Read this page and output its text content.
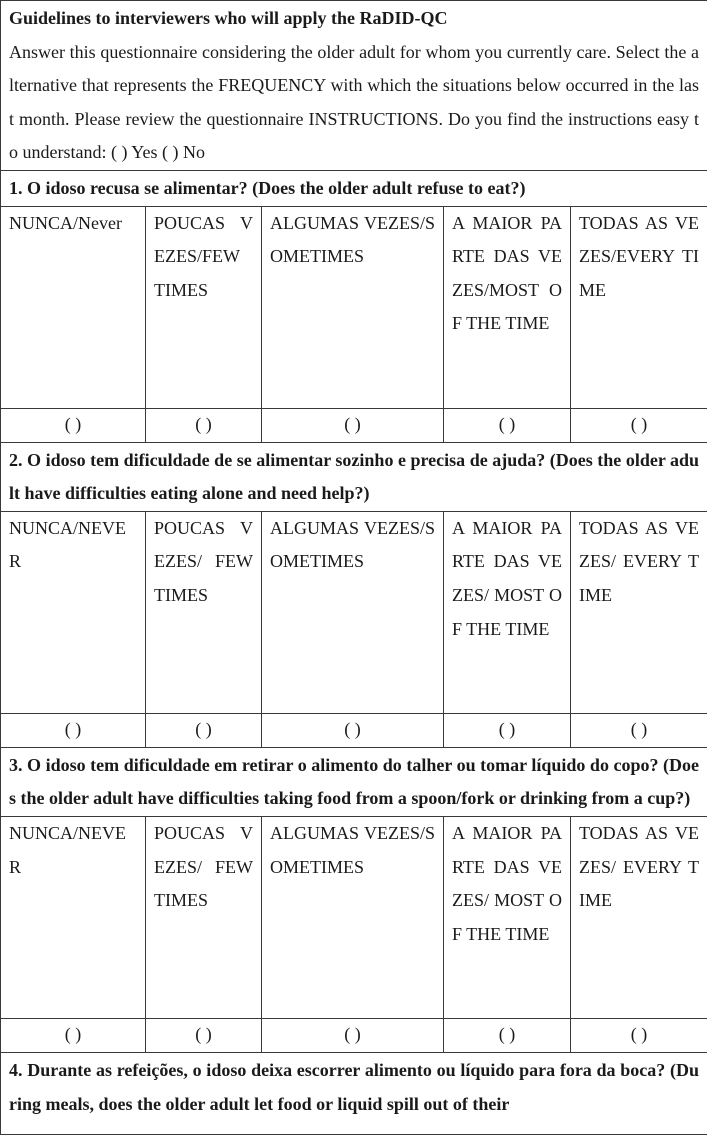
Guidelines to interviewers who will apply the RaDID-QC
Answer this questionnaire considering the older adult for whom you currently care. Select the alternative that represents the FREQUENCY with which the situations below occurred in the last month. Please review the questionnaire INSTRUCTIONS. Do you find the instructions easy to understand: ( ) Yes ( ) No				
1. O idoso recusa se alimentar? (Does the older adult refuse to eat?)				
NUNCA/Never	POUCAS VEZES/FEW TIMES	ALGUMAS VEZES/SOMETIMES	A MAIOR PARTE DAS VEZES/MOST OF THE TIME	TODAS AS VEZES/EVERY TIME
( )	( )	( )	( )	( )
2. O idoso tem dificuldade de se alimentar sozinho e precisa de ajuda? (Does the older adult have difficulties eating alone and need help?)				
NUNCA/NEVER	POUCAS VEZES/ FEW TIMES	ALGUMAS VEZES/SOMETIMES	A MAIOR PARTE DAS VEZES/ MOST OF THE TIME	TODAS AS VEZES/ EVERY TIME
( )	( )	( )	( )	( )
3. O idoso tem dificuldade em retirar o alimento do talher ou tomar líquido do copo? (Does the older adult have difficulties taking food from a spoon/fork or drinking from a cup?)				
NUNCA/NEVER	POUCAS VEZES/ FEW TIMES	ALGUMAS VEZES/SOMETIMES	A MAIOR PARTE DAS VEZES/ MOST OF THE TIME	TODAS AS VEZES/ EVERY TIME
( )	( )	( )	( )	( )
4. Durante as refeições, o idoso deixa escorrer alimento ou líquido para fora da boca? (During meals, does the older adult let food or liquid spill out of their				
